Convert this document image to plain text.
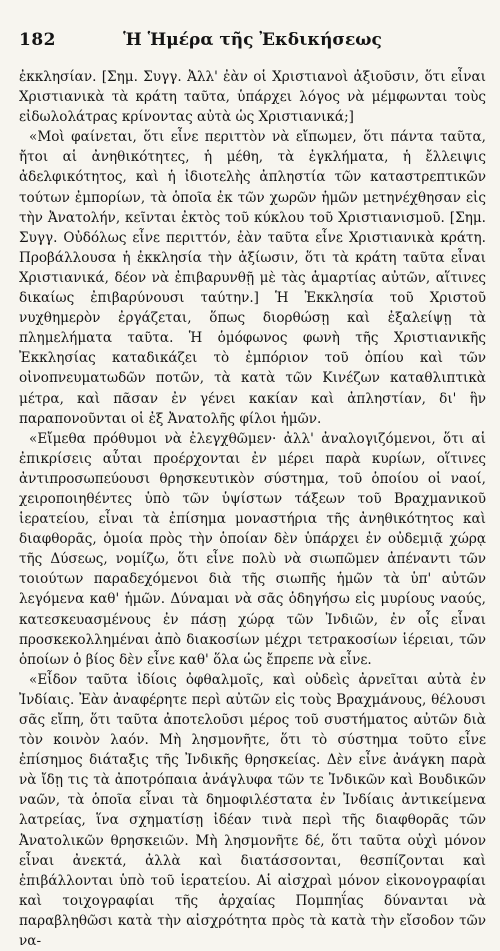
182	Ἡ Ἡμέρα τῆς Ἐκδικήσεως

ἐκκλησίαν. [Σημ. Συγγ. Ἀλλ' ἐὰν οἱ Χριστιανοὶ ἀξιοῦσιν, ὅτι εἶναι Χριστιανικὰ τὰ κράτη ταῦτα, ὑπάρχει λόγος νὰ μέμφωνται τοὺς εἰδωλολάτρας κρίνοντας αὐτὰ ὡς Χριστιανικά;]

«Μοὶ φαίνεται, ὅτι εἶνε περιττὸν νὰ εἴπωμεν, ὅτι πάντα ταῦτα, ἤτοι αἱ ἀνηθικότητες, ἡ μέθη, τὰ ἐγκλήματα, ἡ ἔλλειψις ἀδελφικότητος, καὶ ἡ ἰδιοτελὴς ἀπληστία τῶν καταστρεπτικῶν τούτων ἐμπορίων, τὰ ὁποῖα ἐκ τῶν χωρῶν ἡμῶν μετηνέχθησαν εἰς τὴν Ἀνατολήν, κεῖνται ἐκτὸς τοῦ κύκλου τοῦ Χριστιανισμοῦ. [Σημ. Συγγ. Οὐδόλως εἶνε περιττόν, ἐὰν ταῦτα εἶνε Χριστιανικὰ κράτη. Προβάλλουσα ἡ ἐκκλησία τὴν ἀξίωσιν, ὅτι τὰ κράτη ταῦτα εἶναι Χριστιανικά, δέον νὰ ἐπιβαρυνθῇ μὲ τὰς ἁμαρτίας αὐτῶν, αἵτινες δικαίως ἐπιβαρύνουσι ταύτην.] Ἡ Ἐκκλησία τοῦ Χριστοῦ νυχθημερὸν ἐργάζεται, ὅπως διορθώσῃ καὶ ἐξαλείψῃ τὰ πλημελήματα ταῦτα. Ἡ ὁμόφωνος φωνὴ τῆς Χριστιανικῆς Ἐκκλησίας καταδικάζει τὸ ἐμπόριον τοῦ ὀπίου καὶ τῶν οἰνοπνευματωδῶν ποτῶν, τὰ κατὰ τῶν Κινέζων καταθλιπτικὰ μέτρα, καὶ πᾶσαν ἐν γένει κακίαν καὶ ἀπληστίαν, δι' ἣν παραπονοῦνται οἱ ἐξ Ἀνατολῆς φίλοι ἡμῶν.

«Εἴμεθα πρόθυμοι νὰ ἐλεγχθῶμεν· ἀλλ' ἀναλογιζόμενοι, ὅτι αἱ ἐπικρίσεις αὗται προέρχονται ἐν μέρει παρὰ κυρίων, οἵτινες ἀντιπροσωπεύουσι θρησκευτικὸν σύστημα, τοῦ ὁποίου οἱ ναοί, χειροποιηθέντες ὑπὸ τῶν ὑψίστων τάξεων τοῦ Βραχμανικοῦ ἱερατείου, εἶναι τὰ ἐπίσημα μοναστήρια τῆς ἀνηθικότητος καὶ διαφθορᾶς, ὁμοία πρὸς τὴν ὁποίαν δὲν ὑπάρχει ἐν οὐδεμιᾷ χώρᾳ τῆς Δύσεως, νομίζω, ὅτι εἶνε πολὺ νὰ σιωπῶμεν ἀπέναντι τῶν τοιούτων παραδεχόμενοι διὰ τῆς σιωπῆς ἡμῶν τὰ ὑπ' αὐτῶν λεγόμενα καθ' ἡμῶν. Δύναμαι νὰ σᾶς ὁδηγήσω εἰς μυρίους ναούς, κατεσκευασμένους ἐν πάσῃ χώρᾳ τῶν Ἰνδιῶν, ἐν οἷς εἶναι προσκεκολλημέναι ἀπὸ διακοσίων μέχρι τετρακοσίων ἱέρειαι, τῶν ὁποίων ὁ βίος δὲν εἶνε καθ' ὅλα ὡς ἔπρεπε νὰ εἶνε.

«Εἶδον ταῦτα ἰδίοις ὀφθαλμοῖς, καὶ οὐδεὶς ἀρνεῖται αὐτὰ ἐν Ἰνδίαις. Ἐὰν ἀναφέρητε περὶ αὐτῶν εἰς τοὺς Βραχμάνους, θέλουσι σᾶς εἴπη, ὅτι ταῦτα ἀποτελοῦσι μέρος τοῦ συστήματος αὐτῶν διὰ τὸν κοινὸν λαόν. Μὴ λησμονῆτε, ὅτι τὸ σύστημα τοῦτο εἶνε ἐπίσημος διάταξις τῆς Ἰνδικῆς θρησκείας. Δὲν εἶνε ἀνάγκη παρὰ νὰ ἴδῃ τις τὰ ἀποτρόπαια ἀνάγλυφα τῶν τε Ἰνδικῶν καὶ Βουδικῶν ναῶν, τὰ ὁποῖα εἶναι τὰ δημοφιλέστατα ἐν Ἰνδίαις ἀντικείμενα λατρείας, ἵνα σχηματίσῃ ἰδέαν τινὰ περὶ τῆς διαφθορᾶς τῶν Ἀνατολικῶν θρησκειῶν. Μὴ λησμονῆτε δέ, ὅτι ταῦτα οὐχὶ μόνον εἶναι ἀνεκτά, ἀλλὰ καὶ διατάσσονται, θεσπίζονται καὶ ἐπιβάλλονται ὑπὸ τοῦ ἱερατείου. Αἱ αἰσχραὶ μόνον εἰκονογραφίαι καὶ τοιχογραφίαι τῆς ἀρχαίας Πομπηΐας δύνανται νὰ παραβληθῶσι κατὰ τὴν αἰσχρότητα πρὸς τὰ κατὰ τὴν εἴσοδον τῶν να-
